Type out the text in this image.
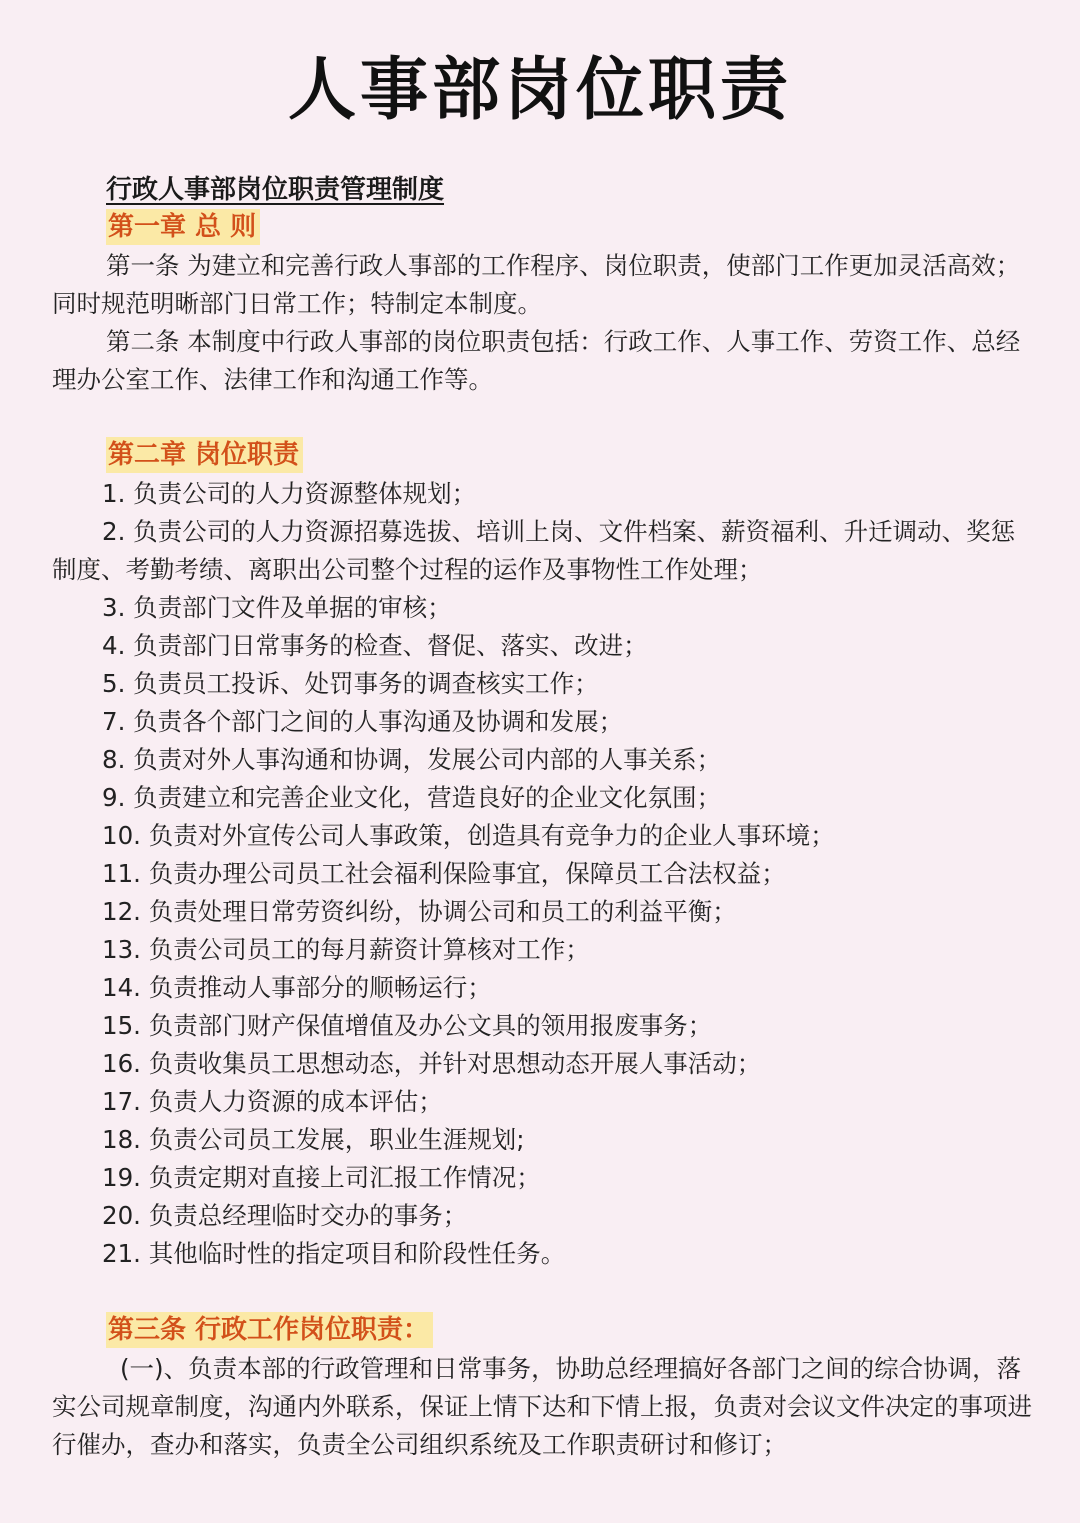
人事部岗位职责
行政人事部岗位职责管理制度
第一章 总 则

第一条 为建立和完善行政人事部的工作程序、岗位职责，使部门工作更加灵活高效；同时规范明晰部门日常工作；特制定本制度。

第二条 本制度中行政人事部的岗位职责包括：行政工作、人事工作、劳资工作、总经理办公室工作、法律工作和沟通工作等。

第二章 岗位职责
1. 负责公司的人力资源整体规划；

2. 负责公司的人力资源招募选拔、培训上岗、文件档案、薪资福利、升迁调动、奖惩制度、考勤考绩、离职出公司整个过程的运作及事物性工作处理；

3. 负责部门文件及单据的审核；
4. 负责部门日常事务的检查、督促、落实、改进；
5. 负责员工投诉、处罚事务的调查核实工作；
7. 负责各个部门之间的人事沟通及协调和发展；
8. 负责对外人事沟通和协调，发展公司内部的人事关系；
9. 负责建立和完善企业文化，营造良好的企业文化氛围；
10. 负责对外宣传公司人事政策，创造具有竞争力的企业人事环境；
11. 负责办理公司员工社会福利保险事宜，保障员工合法权益；
12. 负责处理日常劳资纠纷，协调公司和员工的利益平衡；
13. 负责公司员工的每月薪资计算核对工作；
14. 负责推动人事部分的顺畅运行；
15. 负责部门财产保值增值及办公文具的领用报废事务；
16. 负责收集员工思想动态，并针对思想动态开展人事活动；
17. 负责人力资源的成本评估；
18. 负责公司员工发展，职业生涯规划;
19. 负责定期对直接上司汇报工作情况；
20. 负责总经理临时交办的事务；
21. 其他临时性的指定项目和阶段性任务。
第三条 行政工作岗位职责：

(一)、负责本部的行政管理和日常事务，协助总经理搞好各部门之间的综合协调，落实公司规章制度，沟通内外联系，保证上情下达和下情上报，负责对会议文件决定的事项进行催办，查办和落实，负责全公司组织系统及工作职责研讨和修订；
